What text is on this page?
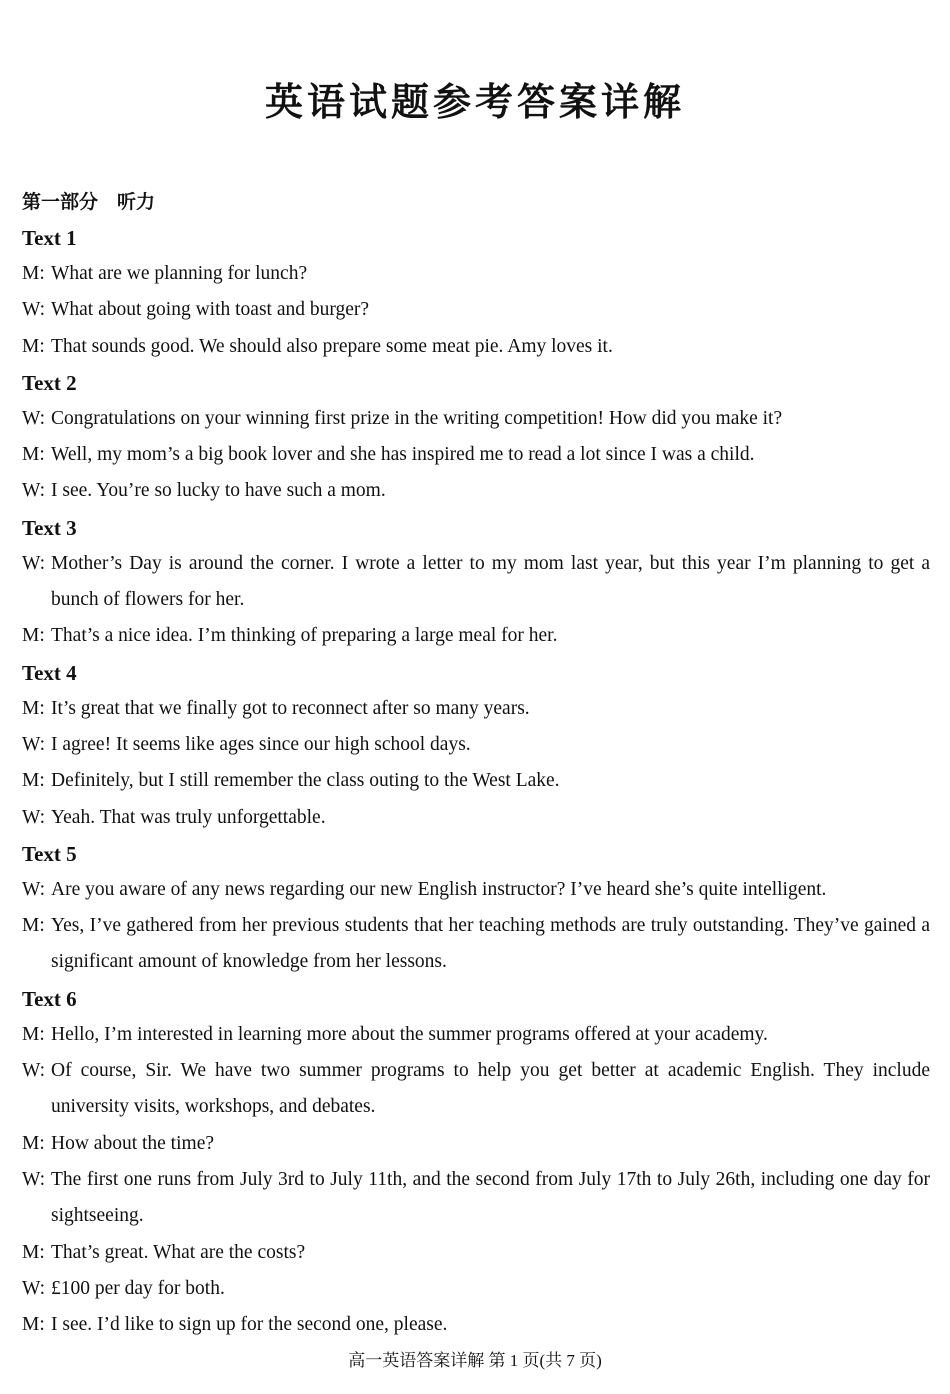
英语试题参考答案详解
第一部分　听力
Text 1
M: What are we planning for lunch?
W: What about going with toast and burger?
M: That sounds good. We should also prepare some meat pie. Amy loves it.
Text 2
W: Congratulations on your winning first prize in the writing competition! How did you make it?
M: Well, my mom’s a big book lover and she has inspired me to read a lot since I was a child.
W: I see. You’re so lucky to have such a mom.
Text 3
W: Mother’s Day is around the corner. I wrote a letter to my mom last year, but this year I’m planning to get a bunch of flowers for her.
M: That’s a nice idea. I’m thinking of preparing a large meal for her.
Text 4
M: It’s great that we finally got to reconnect after so many years.
W: I agree! It seems like ages since our high school days.
M: Definitely, but I still remember the class outing to the West Lake.
W: Yeah. That was truly unforgettable.
Text 5
W: Are you aware of any news regarding our new English instructor? I’ve heard she’s quite intelligent.
M: Yes, I’ve gathered from her previous students that her teaching methods are truly outstanding. They’ve gained a significant amount of knowledge from her lessons.
Text 6
M: Hello, I’m interested in learning more about the summer programs offered at your academy.
W: Of course, Sir. We have two summer programs to help you get better at academic English. They include university visits, workshops, and debates.
M: How about the time?
W: The first one runs from July 3rd to July 11th, and the second from July 17th to July 26th, including one day for sightseeing.
M: That’s great. What are the costs?
W: £100 per day for both.
M: I see. I’d like to sign up for the second one, please.
高一英语答案详解 第 1 页(共 7 页)
